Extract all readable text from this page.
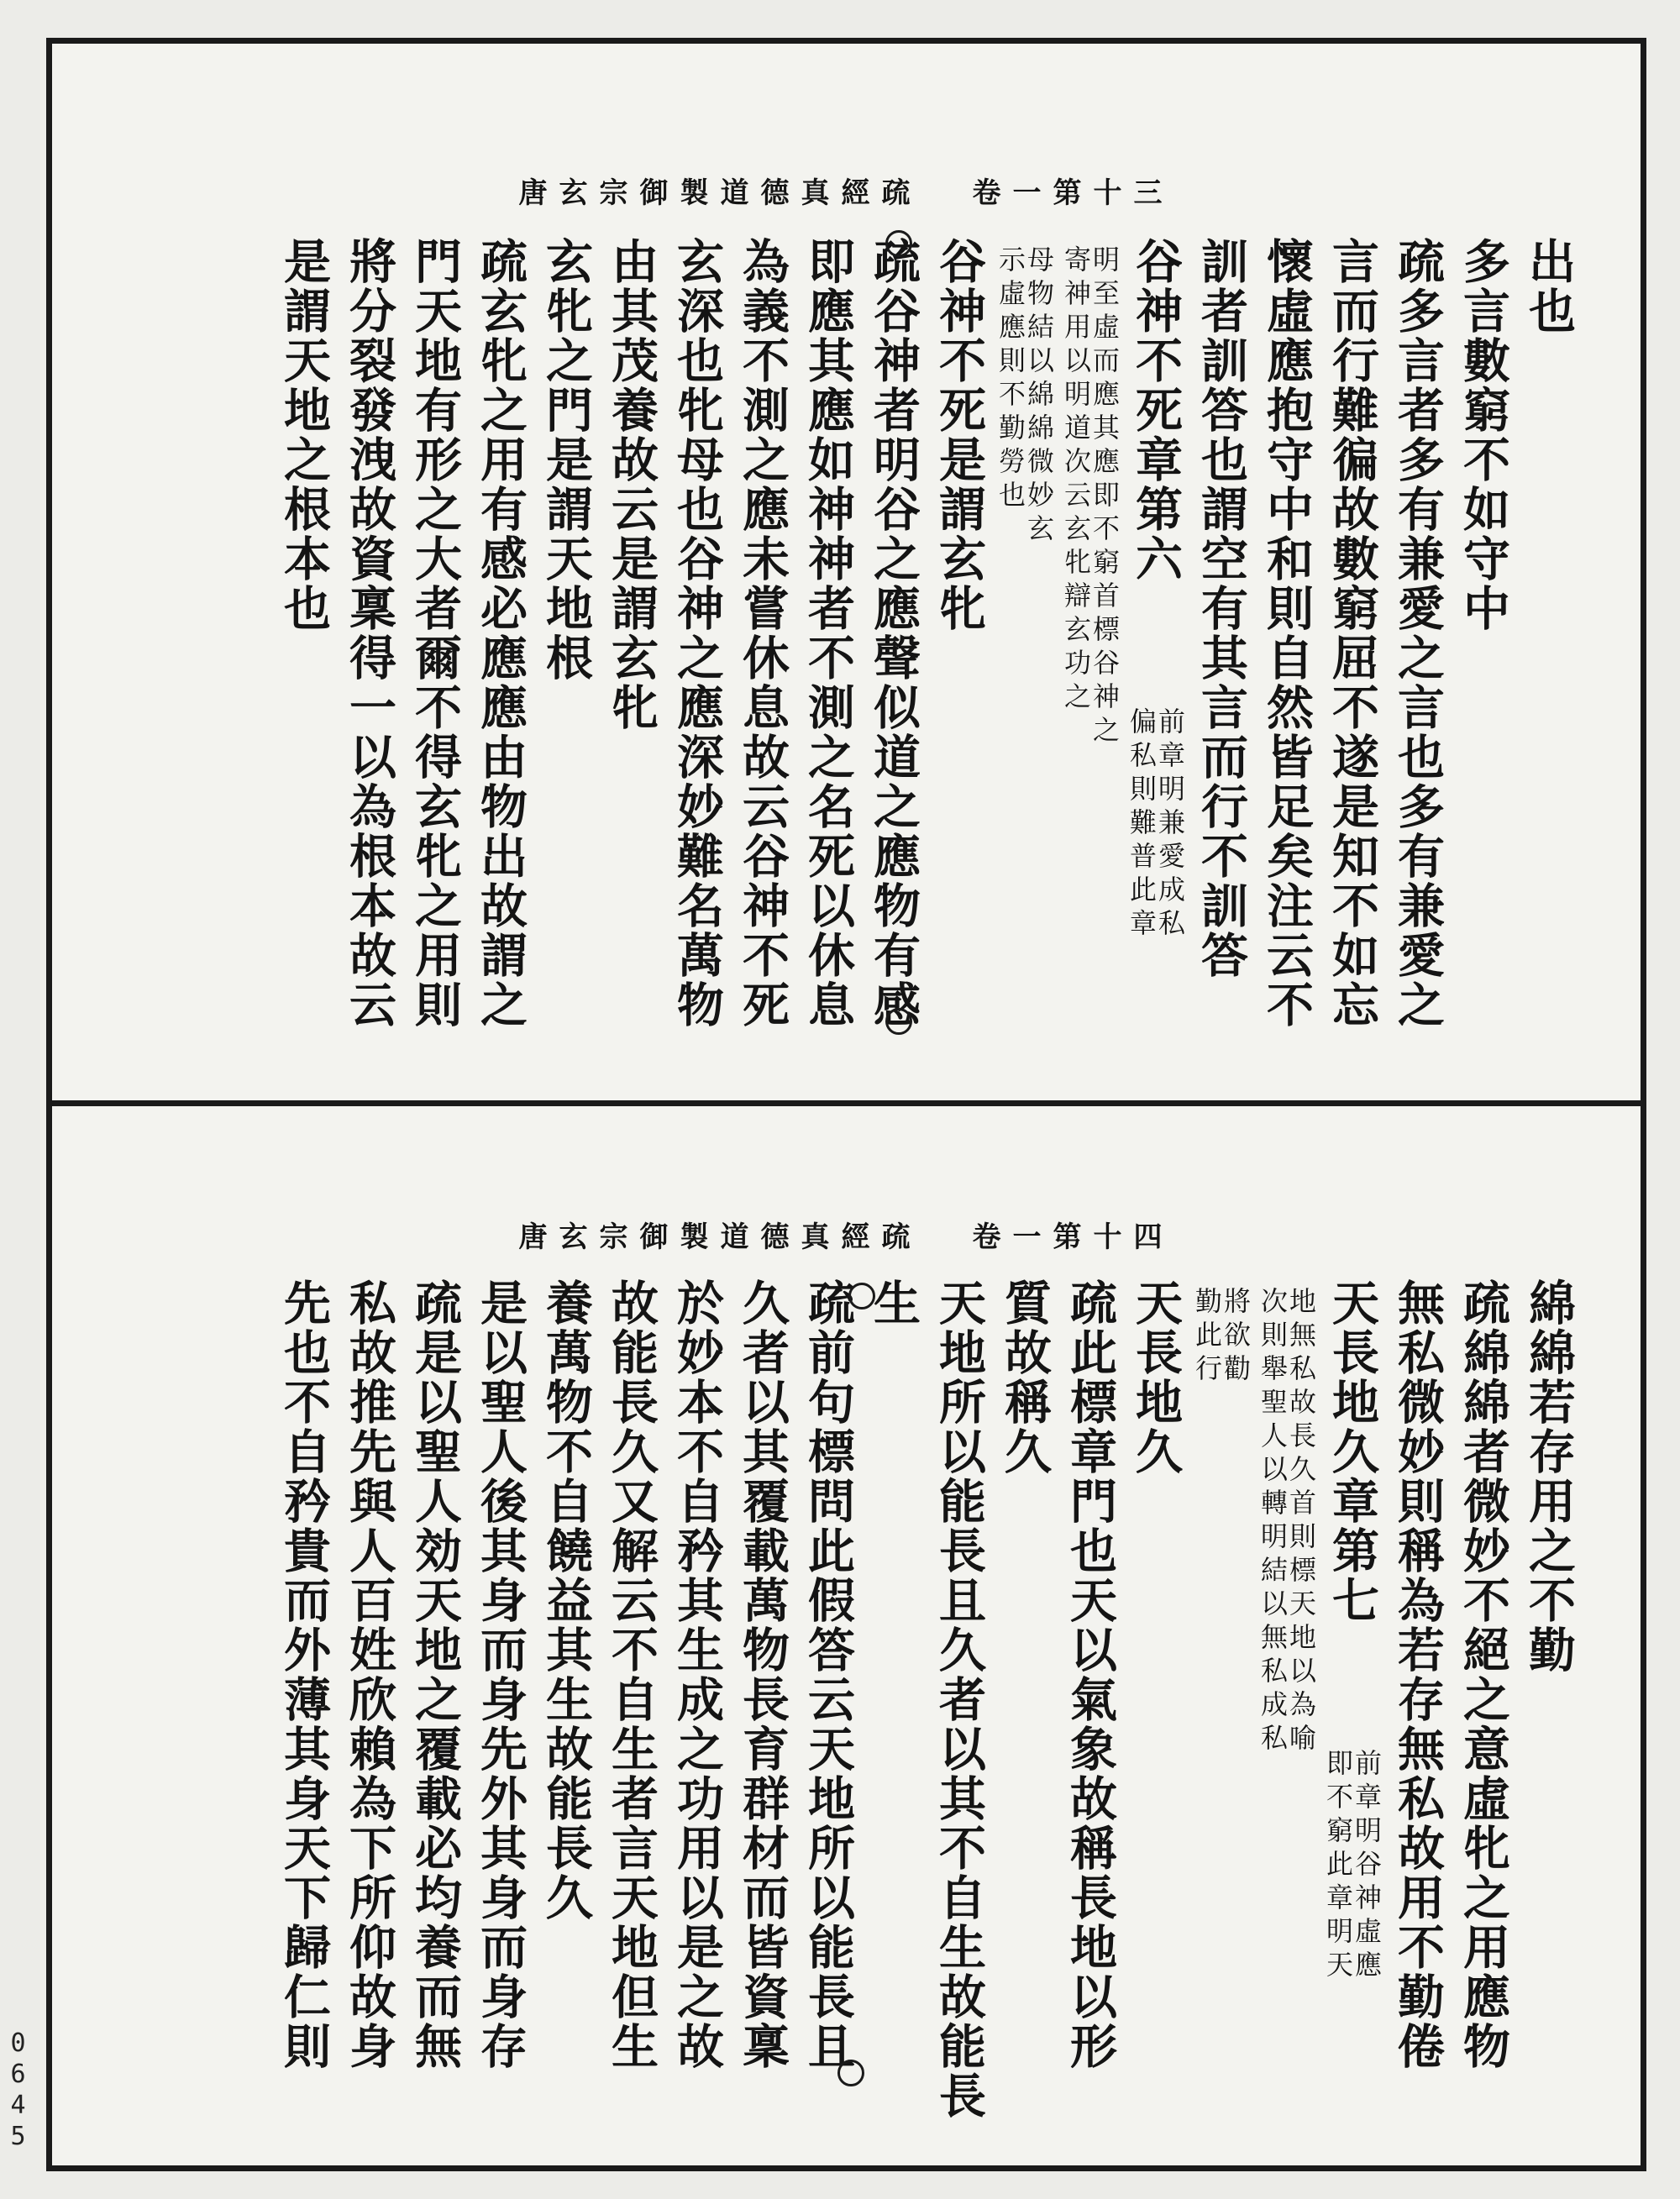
唐玄宗御製道德真經疏 卷一第十三
出也
多言數窮不如守中
疏多言者多有兼愛之言也多有兼愛之
言而行難徧故數窮屈不遂是知不如忘
懷虛應抱守中和則自然皆足矣注云不
訓者訓答也謂空有其言而行不訓答
谷神不死章第六
前章明兼愛成私
偏私則難普此章
明至虛而應其應即不窮首標谷神之
寄神用以明道次云玄牝辯玄功之
母物結以綿綿微妙玄
示虛應則不勤勞也
谷神不死是謂玄牝
疏谷神者明谷之應聲似道之應物有感
即應其應如神神者不測之名死以休息
為義不測之應未嘗休息故云谷神不死
玄深也牝母也谷神之應深妙難名萬物
由其茂養故云是謂玄牝
玄牝之門是謂天地根
疏玄牝之用有感必應應由物出故謂之
門天地有形之大者爾不得玄牝之用則
將分裂發洩故資稟得一以為根本故云
是謂天地之根本也
唐玄宗御製道德真經疏 卷一第十四
綿綿若存用之不勤
疏綿綿者微妙不絕之意虛牝之用應物
無私微妙則稱為若存無私故用不勤倦
天長地久章第七
前章明谷神虛應
即不窮此章明天
地無私故長久首則標天地以為喻
次則舉聖人以轉明結以無私成私
將欲勸
勤此行
天長地久
疏此標章門也天以氣象故稱長地以形
質故稱久
天地所以能長且久者以其不自生故能長
生
疏前句標問此假答云天地所以能長且
久者以其覆載萬物長育群材而皆資稟
於妙本不自矜其生成之功用以是之故
故能長久又解云不自生者言天地但生
養萬物不自饒益其生故能長久
是以聖人後其身而身先外其身而身存
疏是以聖人効天地之覆載必均養而無
私故推先與人百姓欣賴為下所仰故身
先也不自矜貴而外薄其身天下歸仁則
0645
